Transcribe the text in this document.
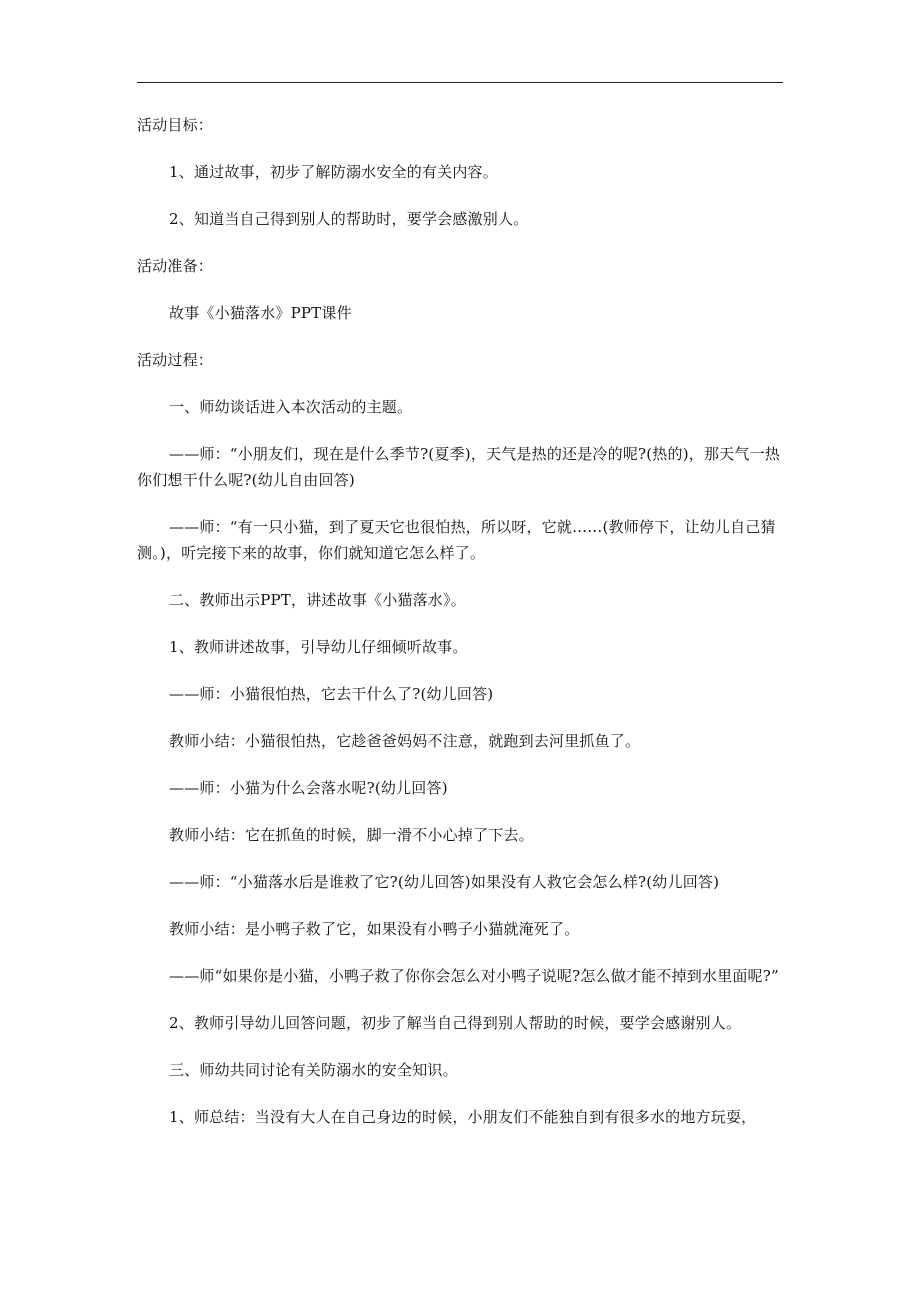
活动目标：

1、通过故事，初步了解防溺水安全的有关内容。

2、知道当自己得到别人的帮助时，要学会感激别人。

活动准备：

故事《小猫落水》PPT课件

活动过程：

一、师幼谈话进入本次活动的主题。

——师：“小朋友们，现在是什么季节?(夏季)，天气是热的还是冷的呢?(热的)，那天气一热你们想干什么呢?(幼儿自由回答)

——师：“有一只小猫，到了夏天它也很怕热，所以呀，它就……(教师停下，让幼儿自己猜测。)，听完接下来的故事，你们就知道它怎么样了。

二、教师出示PPT，讲述故事《小猫落水》。

1、教师讲述故事，引导幼儿仔细倾听故事。

——师：小猫很怕热，它去干什么了?(幼儿回答)

教师小结：小猫很怕热，它趁爸爸妈妈不注意，就跑到去河里抓鱼了。

——师：小猫为什么会落水呢?(幼儿回答)

教师小结：它在抓鱼的时候，脚一滑不小心掉了下去。

——师：“小猫落水后是谁救了它?(幼儿回答)如果没有人救它会怎么样?(幼儿回答)

教师小结：是小鸭子救了它，如果没有小鸭子小猫就淹死了。

——师“如果你是小猫，小鸭子救了你你会怎么对小鸭子说呢?怎么做才能不掉到水里面呢?”

2、教师引导幼儿回答问题，初步了解当自己得到别人帮助的时候，要学会感谢别人。

三、师幼共同讨论有关防溺水的安全知识。

1、师总结：当没有大人在自己身边的时候，小朋友们不能独自到有很多水的地方玩耍，
